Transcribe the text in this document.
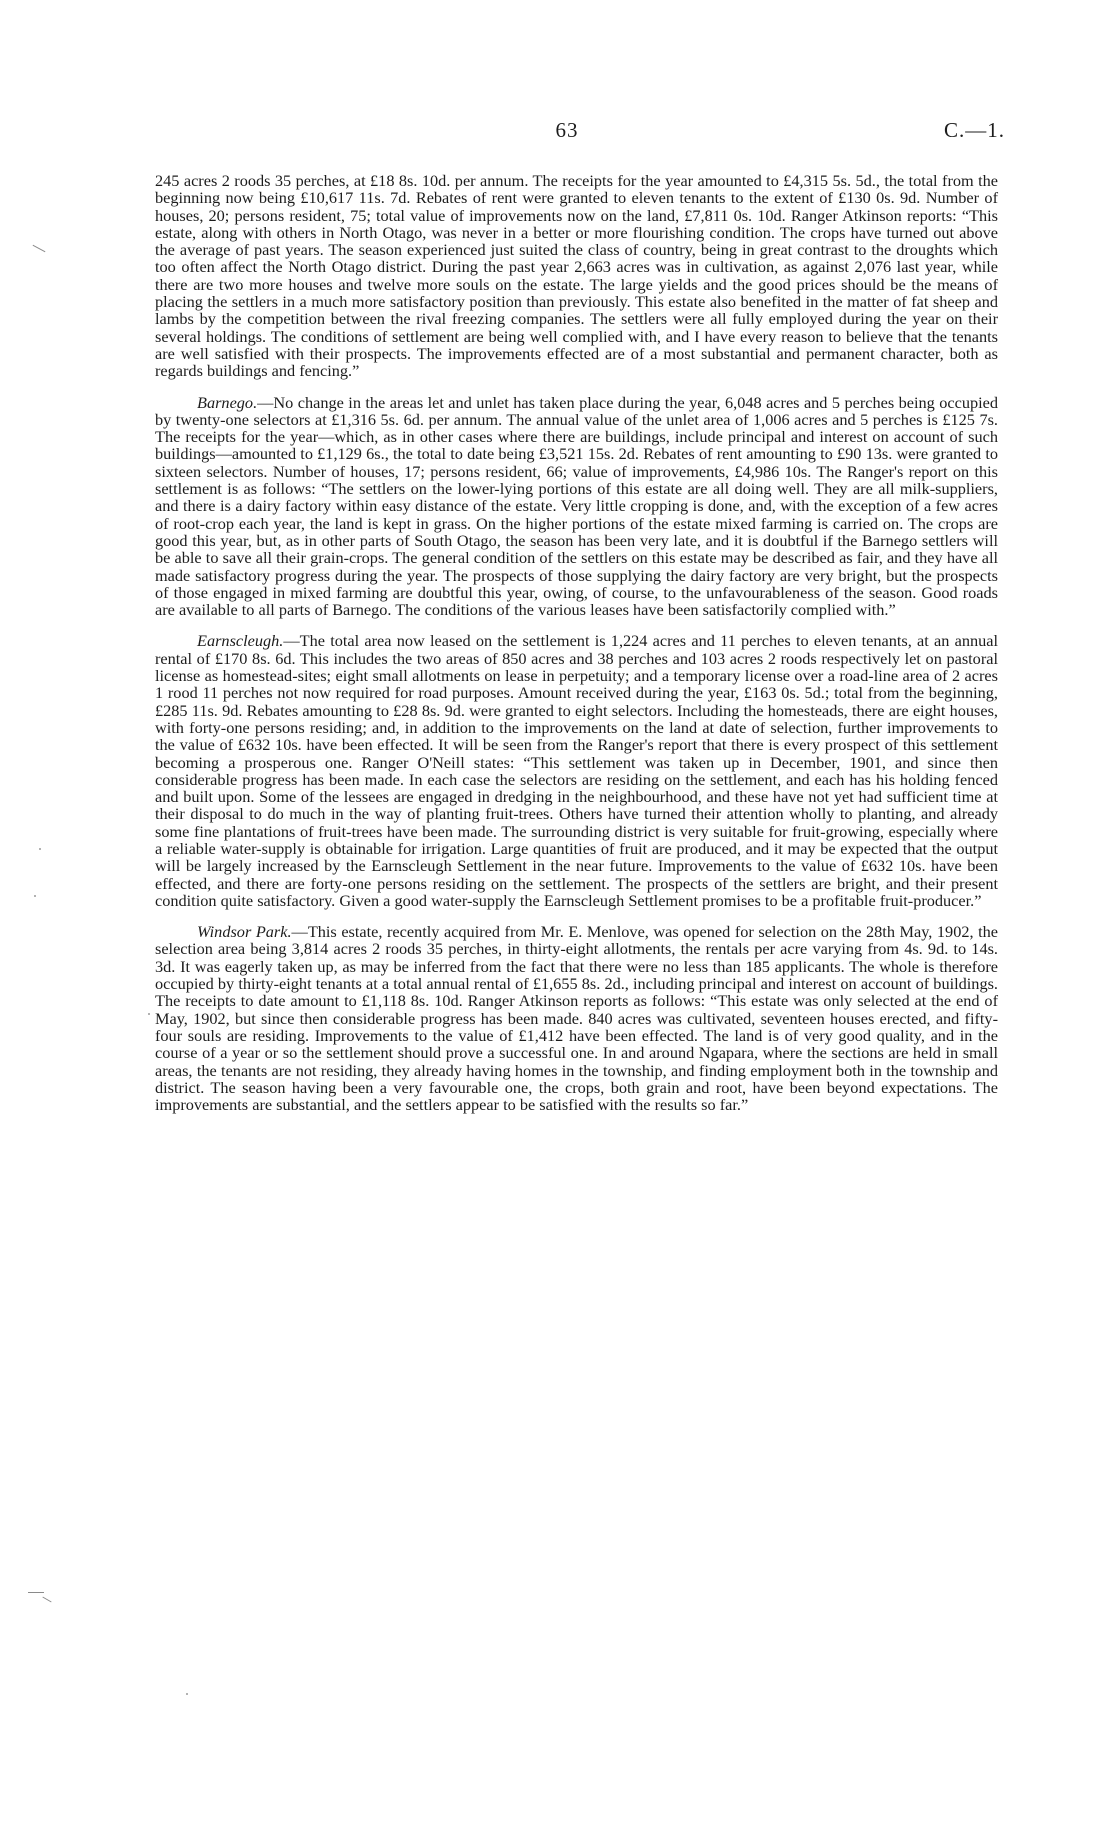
63	C.—1.

245 acres 2 roods 35 perches, at £18 8s. 10d. per annum. The receipts for the year amounted to £4,315 5s. 5d., the total from the beginning now being £10,617 11s. 7d. Rebates of rent were granted to eleven tenants to the extent of £130 0s. 9d. Number of houses, 20; persons resident, 75; total value of improvements now on the land, £7,811 0s. 10d. Ranger Atkinson reports: “This estate, along with others in North Otago, was never in a better or more flourishing condition. The crops have turned out above the average of past years. The season experienced just suited the class of country, being in great contrast to the droughts which too often affect the North Otago district. During the past year 2,663 acres was in cultivation, as against 2,076 last year, while there are two more houses and twelve more souls on the estate. The large yields and the good prices should be the means of placing the settlers in a much more satisfactory position than previously. This estate also benefited in the matter of fat sheep and lambs by the competition between the rival freezing companies. The settlers were all fully employed during the year on their several holdings. The conditions of settlement are being well complied with, and I have every reason to believe that the tenants are well satisfied with their prospects. The improvements effected are of a most substantial and permanent character, both as regards buildings and fencing.”

Barnego.—No change in the areas let and unlet has taken place during the year, 6,048 acres and 5 perches being occupied by twenty-one selectors at £1,316 5s. 6d. per annum. The annual value of the unlet area of 1,006 acres and 5 perches is £125 7s. The receipts for the year—which, as in other cases where there are buildings, include principal and interest on account of such buildings—amounted to £1,129 6s., the total to date being £3,521 15s. 2d. Rebates of rent amounting to £90 13s. were granted to sixteen selectors. Number of houses, 17; persons resident, 66; value of improvements, £4,986 10s. The Ranger's report on this settlement is as follows: “The settlers on the lower-lying portions of this estate are all doing well. They are all milk-suppliers, and there is a dairy factory within easy distance of the estate. Very little cropping is done, and, with the exception of a few acres of root-crop each year, the land is kept in grass. On the higher portions of the estate mixed farming is carried on. The crops are good this year, but, as in other parts of South Otago, the season has been very late, and it is doubtful if the Barnego settlers will be able to save all their grain-crops. The general condition of the settlers on this estate may be described as fair, and they have all made satisfactory progress during the year. The prospects of those supplying the dairy factory are very bright, but the prospects of those engaged in mixed farming are doubtful this year, owing, of course, to the unfavourableness of the season. Good roads are available to all parts of Barnego. The conditions of the various leases have been satisfactorily complied with.”

Earnscleugh.—The total area now leased on the settlement is 1,224 acres and 11 perches to eleven tenants, at an annual rental of £170 8s. 6d. This includes the two areas of 850 acres and 38 perches and 103 acres 2 roods respectively let on pastoral license as homestead-sites; eight small allotments on lease in perpetuity; and a temporary license over a road-line area of 2 acres 1 rood 11 perches not now required for road purposes. Amount received during the year, £163 0s. 5d.; total from the beginning, £285 11s. 9d. Rebates amounting to £28 8s. 9d. were granted to eight selectors. Including the homesteads, there are eight houses, with forty-one persons residing; and, in addition to the improvements on the land at date of selection, further improvements to the value of £632 10s. have been effected. It will be seen from the Ranger's report that there is every prospect of this settlement becoming a prosperous one. Ranger O'Neill states: “This settlement was taken up in December, 1901, and since then considerable progress has been made. In each case the selectors are residing on the settlement, and each has his holding fenced and built upon. Some of the lessees are engaged in dredging in the neighbourhood, and these have not yet had sufficient time at their disposal to do much in the way of planting fruit-trees. Others have turned their attention wholly to planting, and already some fine plantations of fruit-trees have been made. The surrounding district is very suitable for fruit-growing, especially where a reliable water-supply is obtainable for irrigation. Large quantities of fruit are produced, and it may be expected that the output will be largely increased by the Earnscleugh Settlement in the near future. Improvements to the value of £632 10s. have been effected, and there are forty-one persons residing on the settlement. The prospects of the settlers are bright, and their present condition quite satisfactory. Given a good water-supply the Earnscleugh Settlement promises to be a profitable fruit-producer.”

Windsor Park.—This estate, recently acquired from Mr. E. Menlove, was opened for selection on the 28th May, 1902, the selection area being 3,814 acres 2 roods 35 perches, in thirty-eight allotments, the rentals per acre varying from 4s. 9d. to 14s. 3d. It was eagerly taken up, as may be inferred from the fact that there were no less than 185 applicants. The whole is therefore occupied by thirty-eight tenants at a total annual rental of £1,655 8s. 2d., including principal and interest on account of buildings. The receipts to date amount to £1,118 8s. 10d. Ranger Atkinson reports as follows: “This estate was only selected at the end of May, 1902, but since then considerable progress has been made. 840 acres was cultivated, seventeen houses erected, and fifty-four souls are residing. Improvements to the value of £1,412 have been effected. The land is of very good quality, and in the course of a year or so the settlement should prove a successful one. In and around Ngapara, where the sections are held in small areas, the tenants are not residing, they already having homes in the township, and finding employment both in the township and district. The season having been a very favourable one, the crops, both grain and root, have been beyond expectations. The improvements are substantial, and the settlers appear to be satisfied with the results so far.”
